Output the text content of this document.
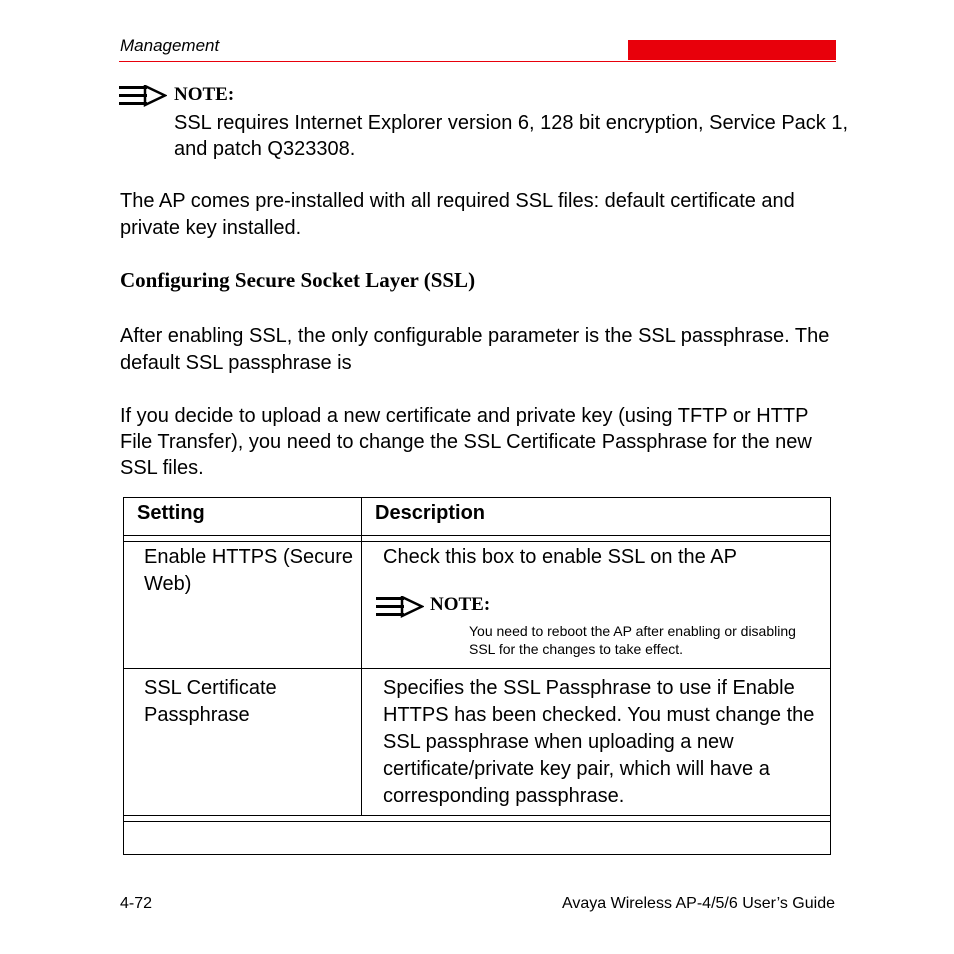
Management
NOTE:
SSL requires Internet Explorer version 6, 128 bit encryption, Service Pack 1, and patch Q323308.
The AP comes pre-installed with all required SSL files: default certificate and private key installed.
Configuring Secure Socket Layer (SSL)
After enabling SSL, the only configurable parameter is the SSL passphrase. The default SSL passphrase is
If you decide to upload a new certificate and private key (using TFTP or HTTP File Transfer), you need to change the SSL Certificate Passphrase for the new SSL files.
Setting	Description
Enable HTTPS (Secure Web)
Check this box to enable SSL on the AP
NOTE:
You need to reboot the AP after enabling or disabling SSL for the changes to take effect.
SSL Certificate Passphrase
Specifies the SSL Passphrase to use if Enable HTTPS has been checked. You must change the SSL passphrase when uploading a new certificate/private key pair, which will have a corresponding passphrase.
4-72	Avaya Wireless AP-4/5/6 User’s Guide
